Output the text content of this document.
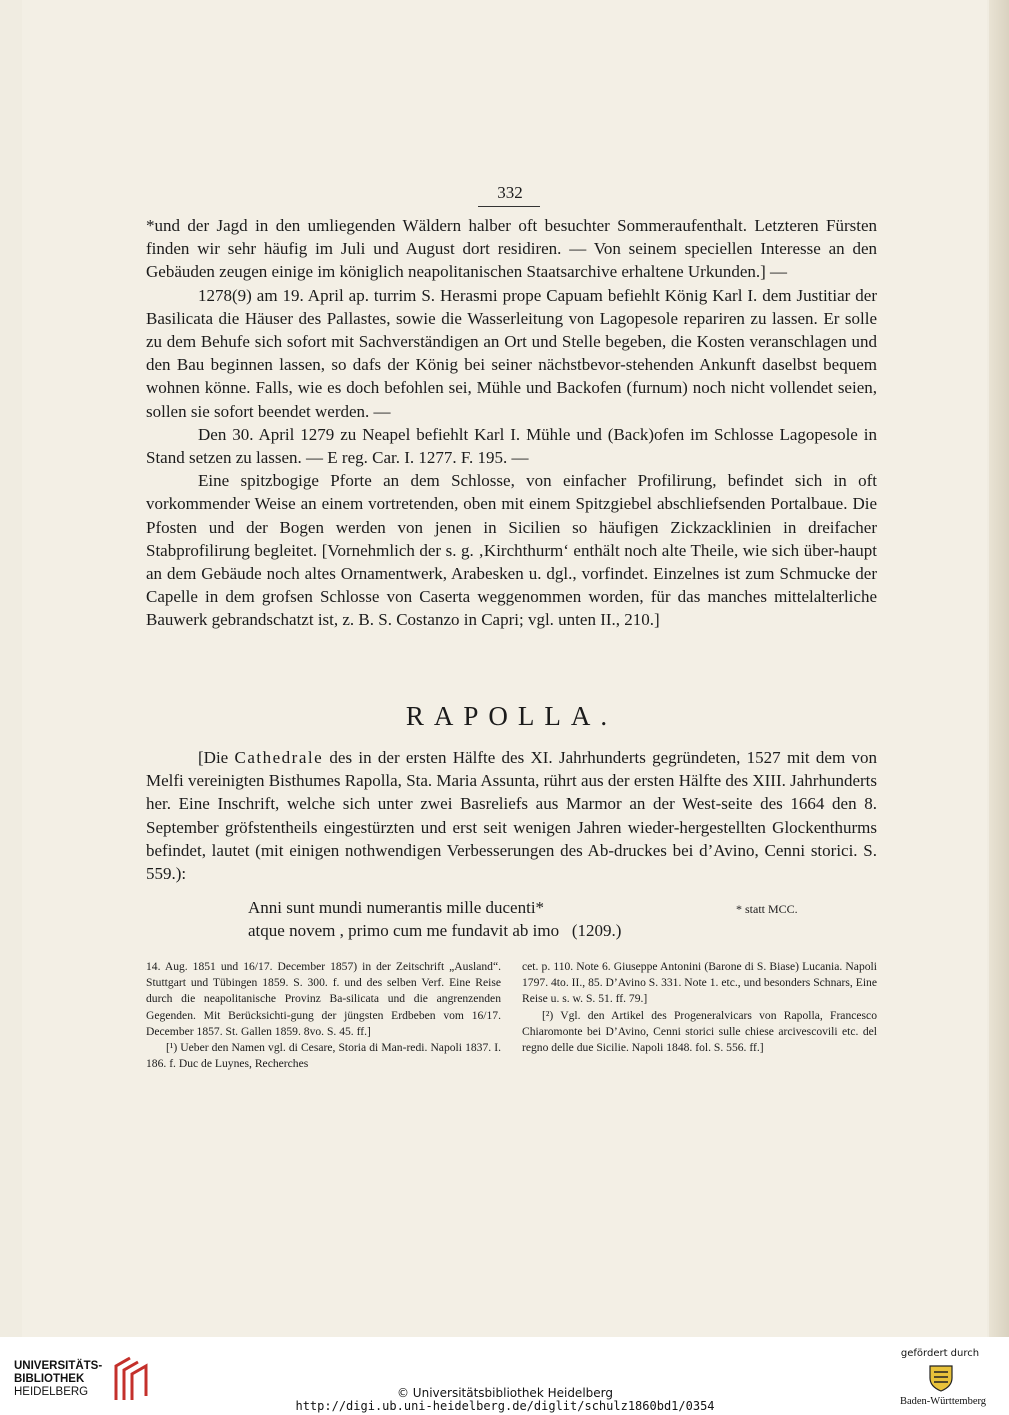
332

*und der Jagd in den umliegenden Wäldern halber oft besuchter Sommeraufenthalt. Letzteren Fürsten finden wir sehr häufig im Juli und August dort residiren. — Von seinem speciellen Interesse an den Gebäuden zeugen einige im königlich neapolitanischen Staatsarchive erhaltene Urkunden.] —

1278(9) am 19. April ap. turrim S. Herasmi prope Capuam befiehlt König Karl I. dem Justitiar der Basilicata die Häuser des Pallastes, sowie die Wasserleitung von Lagopesole repariren zu lassen. Er solle zu dem Behufe sich sofort mit Sachverständigen an Ort und Stelle begeben, die Kosten veranschlagen und den Bau beginnen lassen, so dafs der König bei seiner nächstbevor-stehenden Ankunft daselbst bequem wohnen könne. Falls, wie es doch befohlen sei, Mühle und Backofen (furnum) noch nicht vollendet seien, sollen sie sofort beendet werden. —

Den 30. April 1279 zu Neapel befiehlt Karl I. Mühle und (Back)ofen im Schlosse Lagopesole in Stand setzen zu lassen. — E reg. Car. I. 1277. F. 195. —

Eine spitzbogige Pforte an dem Schlosse, von einfacher Profilirung, befindet sich in oft vorkommender Weise an einem vortretenden, oben mit einem Spitzgiebel abschliefsenden Portalbaue. Die Pfosten und der Bogen werden von jenen in Sicilien so häufigen Zickzacklinien in dreifacher Stabprofilirung begleitet. [Vornehmlich der s. g. ‚Kirchthurm‘ enthält noch alte Theile, wie sich über-haupt an dem Gebäude noch altes Ornamentwerk, Arabesken u. dgl., vorfindet. Einzelnes ist zum Schmucke der Capelle in dem grofsen Schlosse von Caserta weggenommen worden, für das manches mittelalterliche Bauwerk gebrandschatzt ist, z. B. S. Costanzo in Capri; vgl. unten II., 210.]

RAPOLLA.

[Die Cathedrale des in der ersten Hälfte des XI. Jahrhunderts gegründeten, 1527 mit dem von Melfi vereinigten Bisthumes Rapolla, Sta. Maria Assunta, rührt aus der ersten Hälfte des XIII. Jahrhunderts her. Eine Inschrift, welche sich unter zwei Basreliefs aus Marmor an der West-seite des 1664 den 8. September gröfstentheils eingestürzten und erst seit wenigen Jahren wieder-hergestellten Glockenthurms befindet, lautet (mit einigen nothwendigen Verbesserungen des Ab-druckes bei d’Avino, Cenni storici. S. 559.):

Anni sunt mundi numerantis mille ducenti*
atque novem , primo cum me fundavit ab imo   (1209.)
* statt MCC.

14. Aug. 1851 und 16/17. December 1857) in der Zeitschrift „Ausland“. Stuttgart und Tübingen 1859. S. 300. f. und des selben Verf. Eine Reise durch die neapolitanische Provinz Ba-silicata und die angrenzenden Gegenden. Mit Berücksichti-gung der jüngsten Erdbeben vom 16/17. December 1857. St. Gallen 1859. 8vo. S. 45. ff.]

[¹) Ueber den Namen vgl. di Cesare, Storia di Man-redi. Napoli 1837. I. 186. f. Duc de Luynes, Recherches

cet. p. 110. Note 6. Giuseppe Antonini (Barone di S. Biase) Lucania. Napoli 1797. 4to. II., 85. D’Avino S. 331. Note 1. etc., und besonders Schnars, Eine Reise u. s. w. S. 51. ff. 79.]

[²) Vgl. den Artikel des Progeneralvicars von Rapolla, Francesco Chiaromonte bei D’Avino, Cenni storici sulle chiese arcivescovili etc. del regno delle due Sicilie. Napoli 1848. fol. S. 556. ff.]

UNIVERSITÄTS-
BIBLIOTHEK
HEIDELBERG	© Universitätsbibliothek Heidelberg
http://digi.ub.uni-heidelberg.de/diglit/schulz1860bd1/0354
gefördert durch
Baden-Württemberg
